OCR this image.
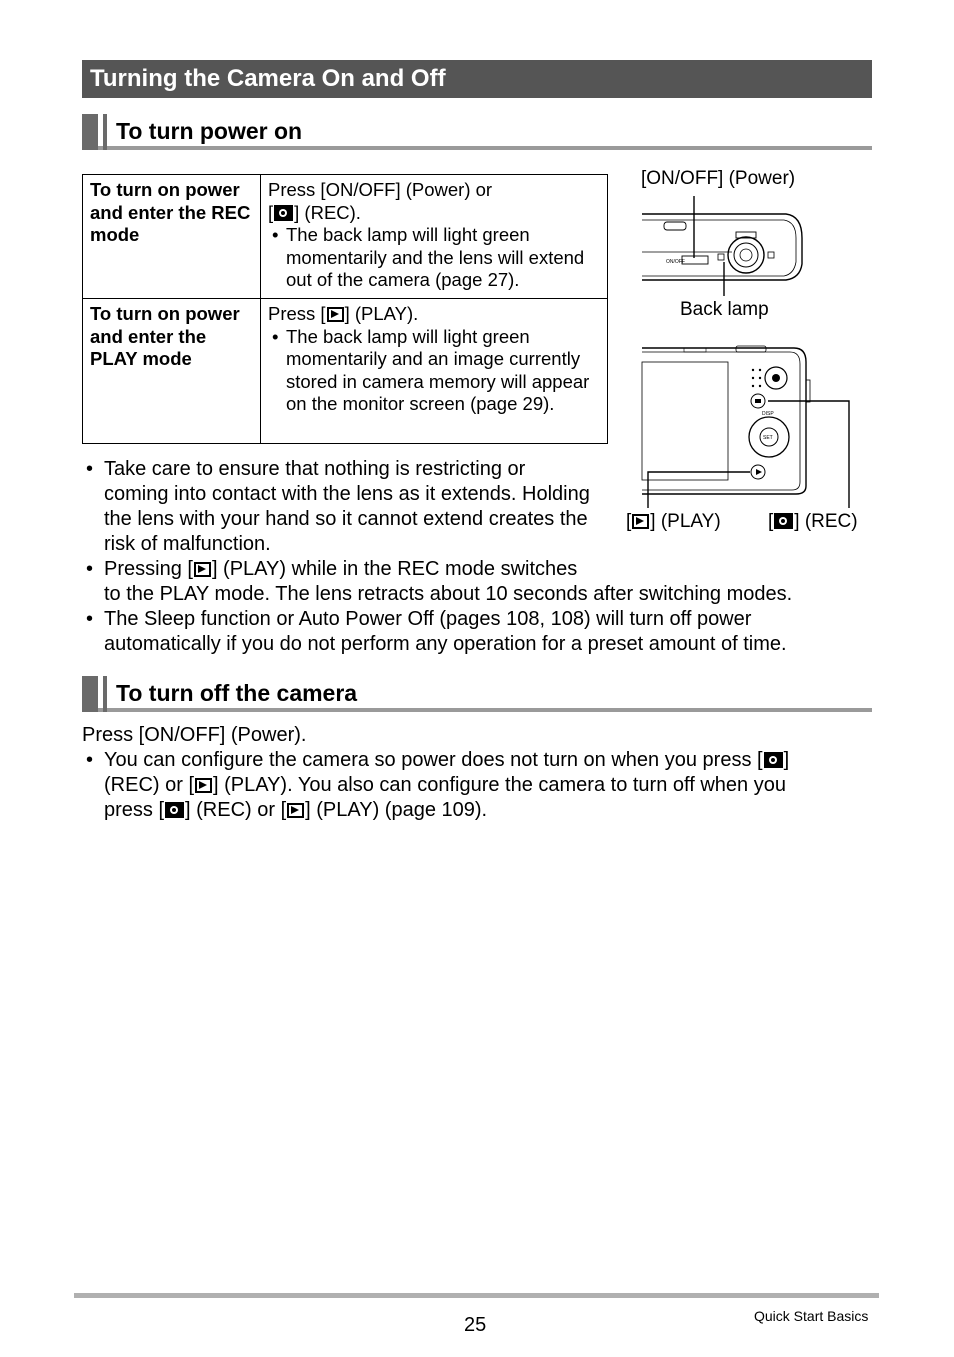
Turning the Camera On and Off
To turn power on
To turn on power and enter the REC mode	Press [ON/OFF] (Power) or
[ ] (REC).
• The back lamp will light green momentarily and the lens will extend out of the camera (page 27).

To turn on power and enter the PLAY mode	Press [ ] (PLAY).
• The back lamp will light green momentarily and an image currently stored in camera memory will appear on the monitor screen (page 29).
[ON/OFF] (Power)
Back lamp
[ ] (PLAY) [ ] (REC)
ON/OFF
DISP
SET
• Take care to ensure that nothing is restricting or
coming into contact with the lens as it extends. Holding
the lens with your hand so it cannot extend creates the
risk of malfunction.
• Pressing [ ] (PLAY) while in the REC mode switches
to the PLAY mode. The lens retracts about 10 seconds after switching modes.
• The Sleep function or Auto Power Off (pages 108, 108) will turn off power
automatically if you do not perform any operation for a preset amount of time.
To turn off the camera
Press [ON/OFF] (Power).
• You can configure the camera so power does not turn on when you press [ ]
(REC) or [ ] (PLAY). You also can configure the camera to turn off when you
press [ ] (REC) or [ ] (PLAY) (page 109).
25	Quick Start Basics
